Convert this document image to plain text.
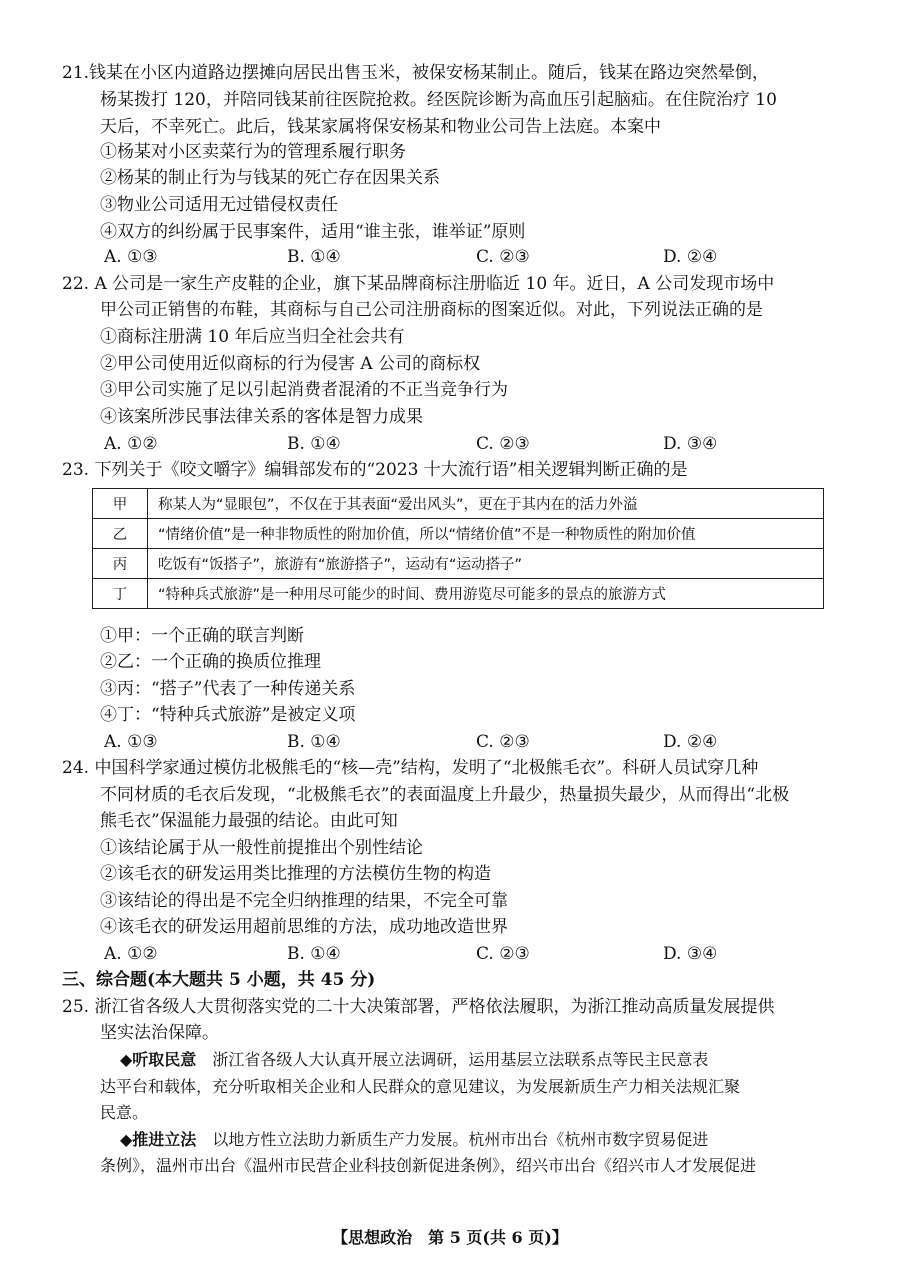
21.钱某在小区内道路边摆摊向居民出售玉米，被保安杨某制止。随后，钱某在路边突然晕倒，
杨某拨打 120，并陪同钱某前往医院抢救。经医院诊断为高血压引起脑疝。在住院治疗 10
天后，不幸死亡。此后，钱某家属将保安杨某和物业公司告上法庭。本案中
①杨某对小区卖菜行为的管理系履行职务
②杨某的制止行为与钱某的死亡存在因果关系
③物业公司适用无过错侵权责任
④双方的纠纷属于民事案件，适用“谁主张，谁举证”原则
A. ①③	B. ①④	C. ②③	D. ②④
22. A 公司是一家生产皮鞋的企业，旗下某品牌商标注册临近 10 年。近日，A 公司发现市场中
甲公司正销售的布鞋，其商标与自己公司注册商标的图案近似。对此，下列说法正确的是
①商标注册满 10 年后应当归全社会共有
②甲公司使用近似商标的行为侵害 A 公司的商标权
③甲公司实施了足以引起消费者混淆的不正当竞争行为
④该案所涉民事法律关系的客体是智力成果
A. ①②	B. ①④	C. ②③	D. ③④
23. 下列关于《咬文嚼字》编辑部发布的“2023 十大流行语”相关逻辑判断正确的是
甲	称某人为“显眼包”，不仅在于其表面“爱出风头”，更在于其内在的活力外溢
乙	“情绪价值”是一种非物质性的附加价值，所以“情绪价值”不是一种物质性的附加价值
丙	吃饭有“饭搭子”，旅游有“旅游搭子”，运动有“运动搭子”
丁	“特种兵式旅游”是一种用尽可能少的时间、费用游览尽可能多的景点的旅游方式
①甲：一个正确的联言判断
②乙：一个正确的换质位推理
③丙：“搭子”代表了一种传递关系
④丁：“特种兵式旅游”是被定义项
A. ①③	B. ①④	C. ②③	D. ②④
24. 中国科学家通过模仿北极熊毛的“核—壳”结构，发明了“北极熊毛衣”。科研人员试穿几种
不同材质的毛衣后发现，“北极熊毛衣”的表面温度上升最少，热量损失最少，从而得出“北极
熊毛衣”保温能力最强的结论。由此可知
①该结论属于从一般性前提推出个别性结论
②该毛衣的研发运用类比推理的方法模仿生物的构造
③该结论的得出是不完全归纳推理的结果，不完全可靠
④该毛衣的研发运用超前思维的方法，成功地改造世界
A. ①②	B. ①④	C. ②③	D. ③④
三、综合题(本大题共 5 小题，共 45 分)
25. 浙江省各级人大贯彻落实党的二十大决策部署，严格依法履职，为浙江推动高质量发展提供
坚实法治保障。
◆听取民意　 浙江省各级人大认真开展立法调研，运用基层立法联系点等民主民意表
达平台和载体，充分听取相关企业和人民群众的意见建议，为发展新质生产力相关法规汇聚
民意。
◆推进立法　 以地方性立法助力新质生产力发展。杭州市出台《杭州市数字贸易促进
条例》，温州市出台《温州市民营企业科技创新促进条例》，绍兴市出台《绍兴市人才发展促进
【思想政治　第 5 页(共 6 页)】
